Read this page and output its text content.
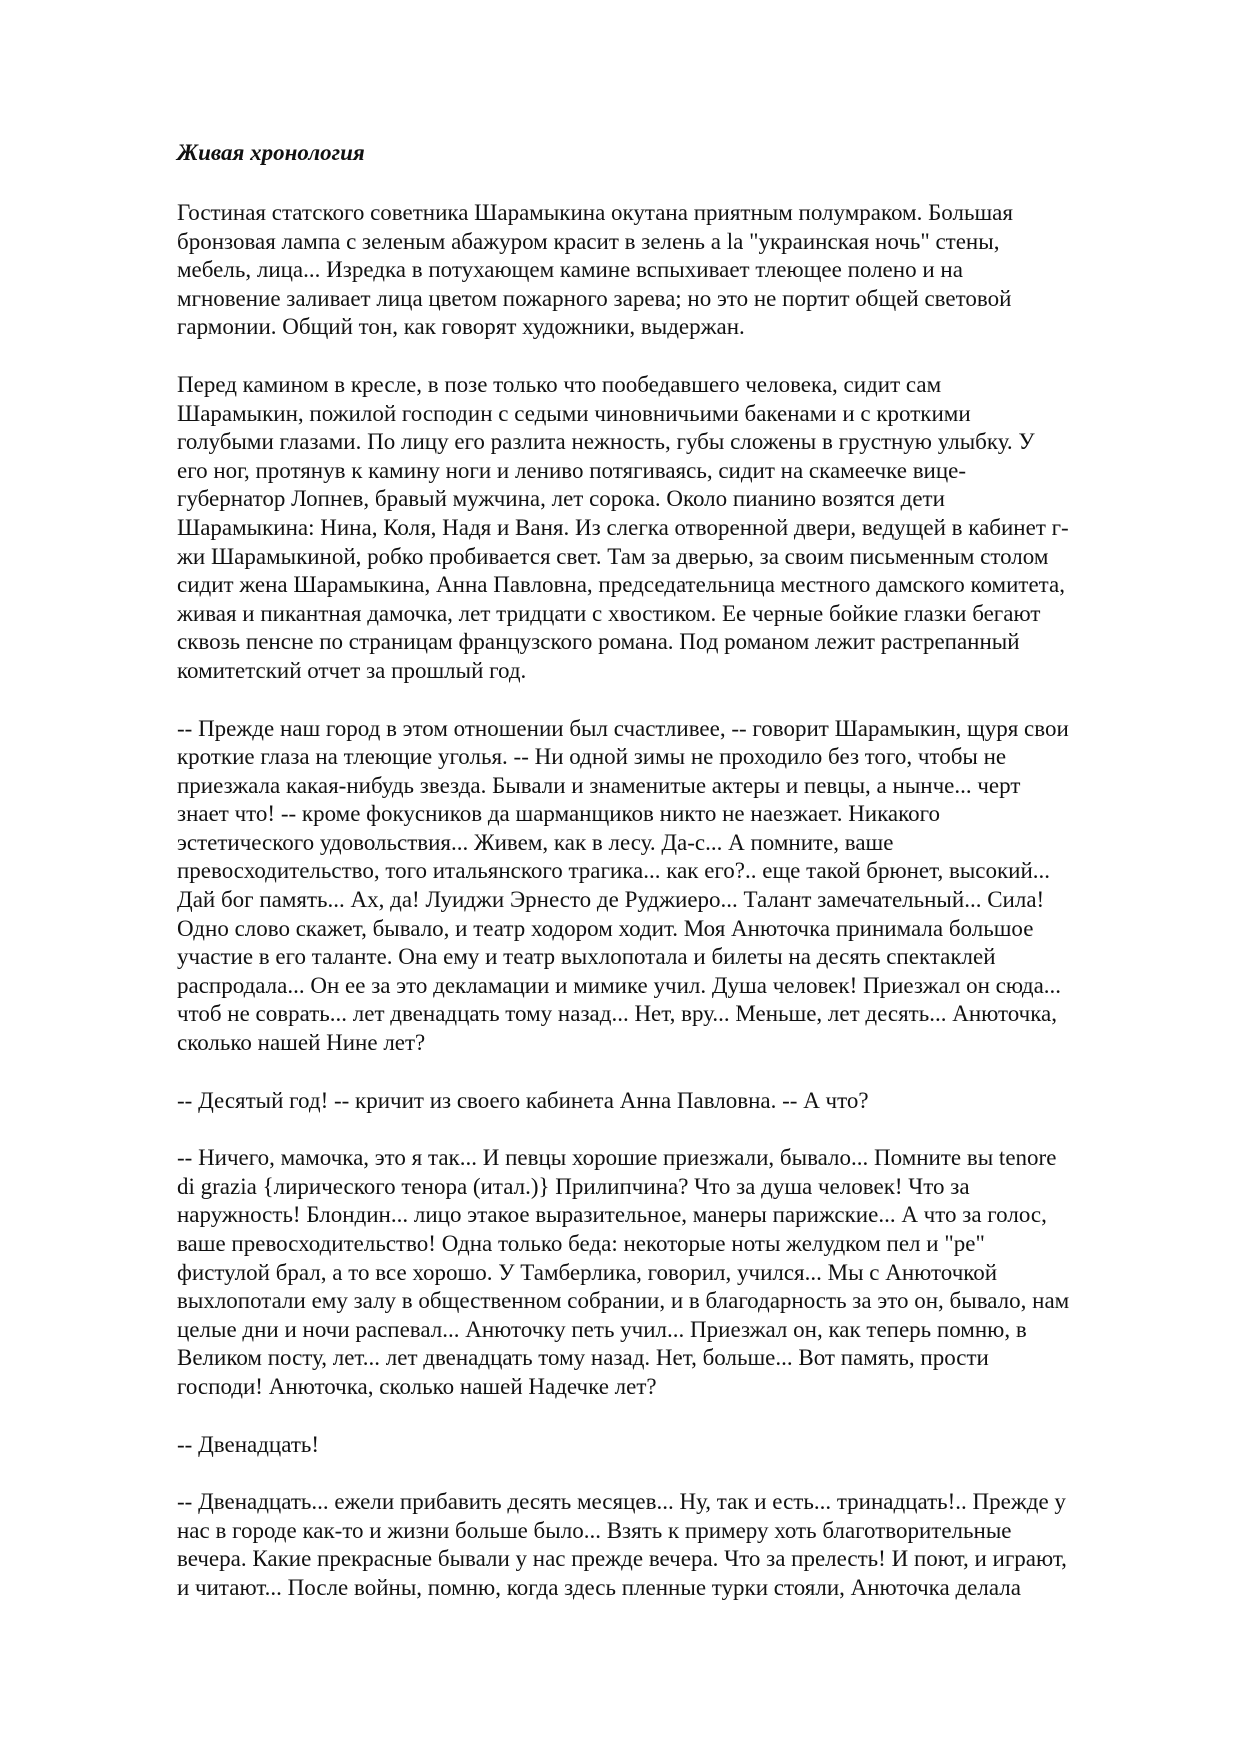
Живая хронология
Гостиная статского советника Шарамыкина окутана приятным полумраком. Большая
бронзовая лампа с зеленым абажуром красит в зелень a la "украинская ночь" стены,
мебель, лица... Изредка в потухающем камине вспыхивает тлеющее полено и на
мгновение заливает лица цветом пожарного зарева; но это не портит общей световой
гармонии. Общий тон, как говорят художники, выдержан.
Перед камином в кресле, в позе только что пообедавшего человека, сидит сам
Шарамыкин, пожилой господин с седыми чиновничьими бакенами и с кроткими
голубыми глазами. По лицу его разлита нежность, губы сложены в грустную улыбку. У
его ног, протянув к камину ноги и лениво потягиваясь, сидит на скамеечке вице-
губернатор Лопнев, бравый мужчина, лет сорока. Около пианино возятся дети
Шарамыкина: Нина, Коля, Надя и Ваня. Из слегка отворенной двери, ведущей в кабинет г-
жи Шарамыкиной, робко пробивается свет. Там за дверью, за своим письменным столом
сидит жена Шарамыкина, Анна Павловна, председательница местного дамского комитета,
живая и пикантная дамочка, лет тридцати с хвостиком. Ее черные бойкие глазки бегают
сквозь пенсне по страницам французского романа. Под романом лежит растрепанный
комитетский отчет за прошлый год.
-- Прежде наш город в этом отношении был счастливее, -- говорит Шарамыкин, щуря свои
кроткие глаза на тлеющие уголья. -- Ни одной зимы не проходило без того, чтобы не
приезжала какая-нибудь звезда. Бывали и знаменитые актеры и певцы, а нынче... черт
знает что! -- кроме фокусников да шарманщиков никто не наезжает. Никакого
эстетического удовольствия... Живем, как в лесу. Да-с... А помните, ваше
превосходительство, того итальянского трагика... как его?.. еще такой брюнет, высокий...
Дай бог память... Ах, да! Луиджи Эрнесто де Руджиеро... Талант замечательный... Сила!
Одно слово скажет, бывало, и театр ходором ходит. Моя Анюточка принимала большое
участие в его таланте. Она ему и театр выхлопотала и билеты на десять спектаклей
распродала... Он ее за это декламации и мимике учил. Душа человек! Приезжал он сюда...
чтоб не соврать... лет двенадцать тому назад... Нет, вру... Меньше, лет десять... Анюточка,
сколько нашей Нине лет?
-- Десятый год! -- кричит из своего кабинета Анна Павловна. -- А что?
-- Ничего, мамочка, это я так... И певцы хорошие приезжали, бывало... Помните вы tenore
di grazia {лирического тенора (итал.)} Прилипчина? Что за душа человек! Что за
наружность! Блондин... лицо этакое выразительное, манеры парижские... А что за голос,
ваше превосходительство! Одна только беда: некоторые ноты желудком пел и "ре"
фистулой брал, а то все хорошо. У Тамберлика, говорил, учился... Мы с Анюточкой
выхлопотали ему залу в общественном собрании, и в благодарность за это он, бывало, нам
целые дни и ночи распевал... Анюточку петь учил... Приезжал он, как теперь помню, в
Великом посту, лет... лет двенадцать тому назад. Нет, больше... Вот память, прости
господи! Анюточка, сколько нашей Надечке лет?
-- Двенадцать!
-- Двенадцать... ежели прибавить десять месяцев... Ну, так и есть... тринадцать!.. Прежде у
нас в городе как-то и жизни больше было... Взять к примеру хоть благотворительные
вечера. Какие прекрасные бывали у нас прежде вечера. Что за прелесть! И поют, и играют,
и читают... После войны, помню, когда здесь пленные турки стояли, Анюточка делала
